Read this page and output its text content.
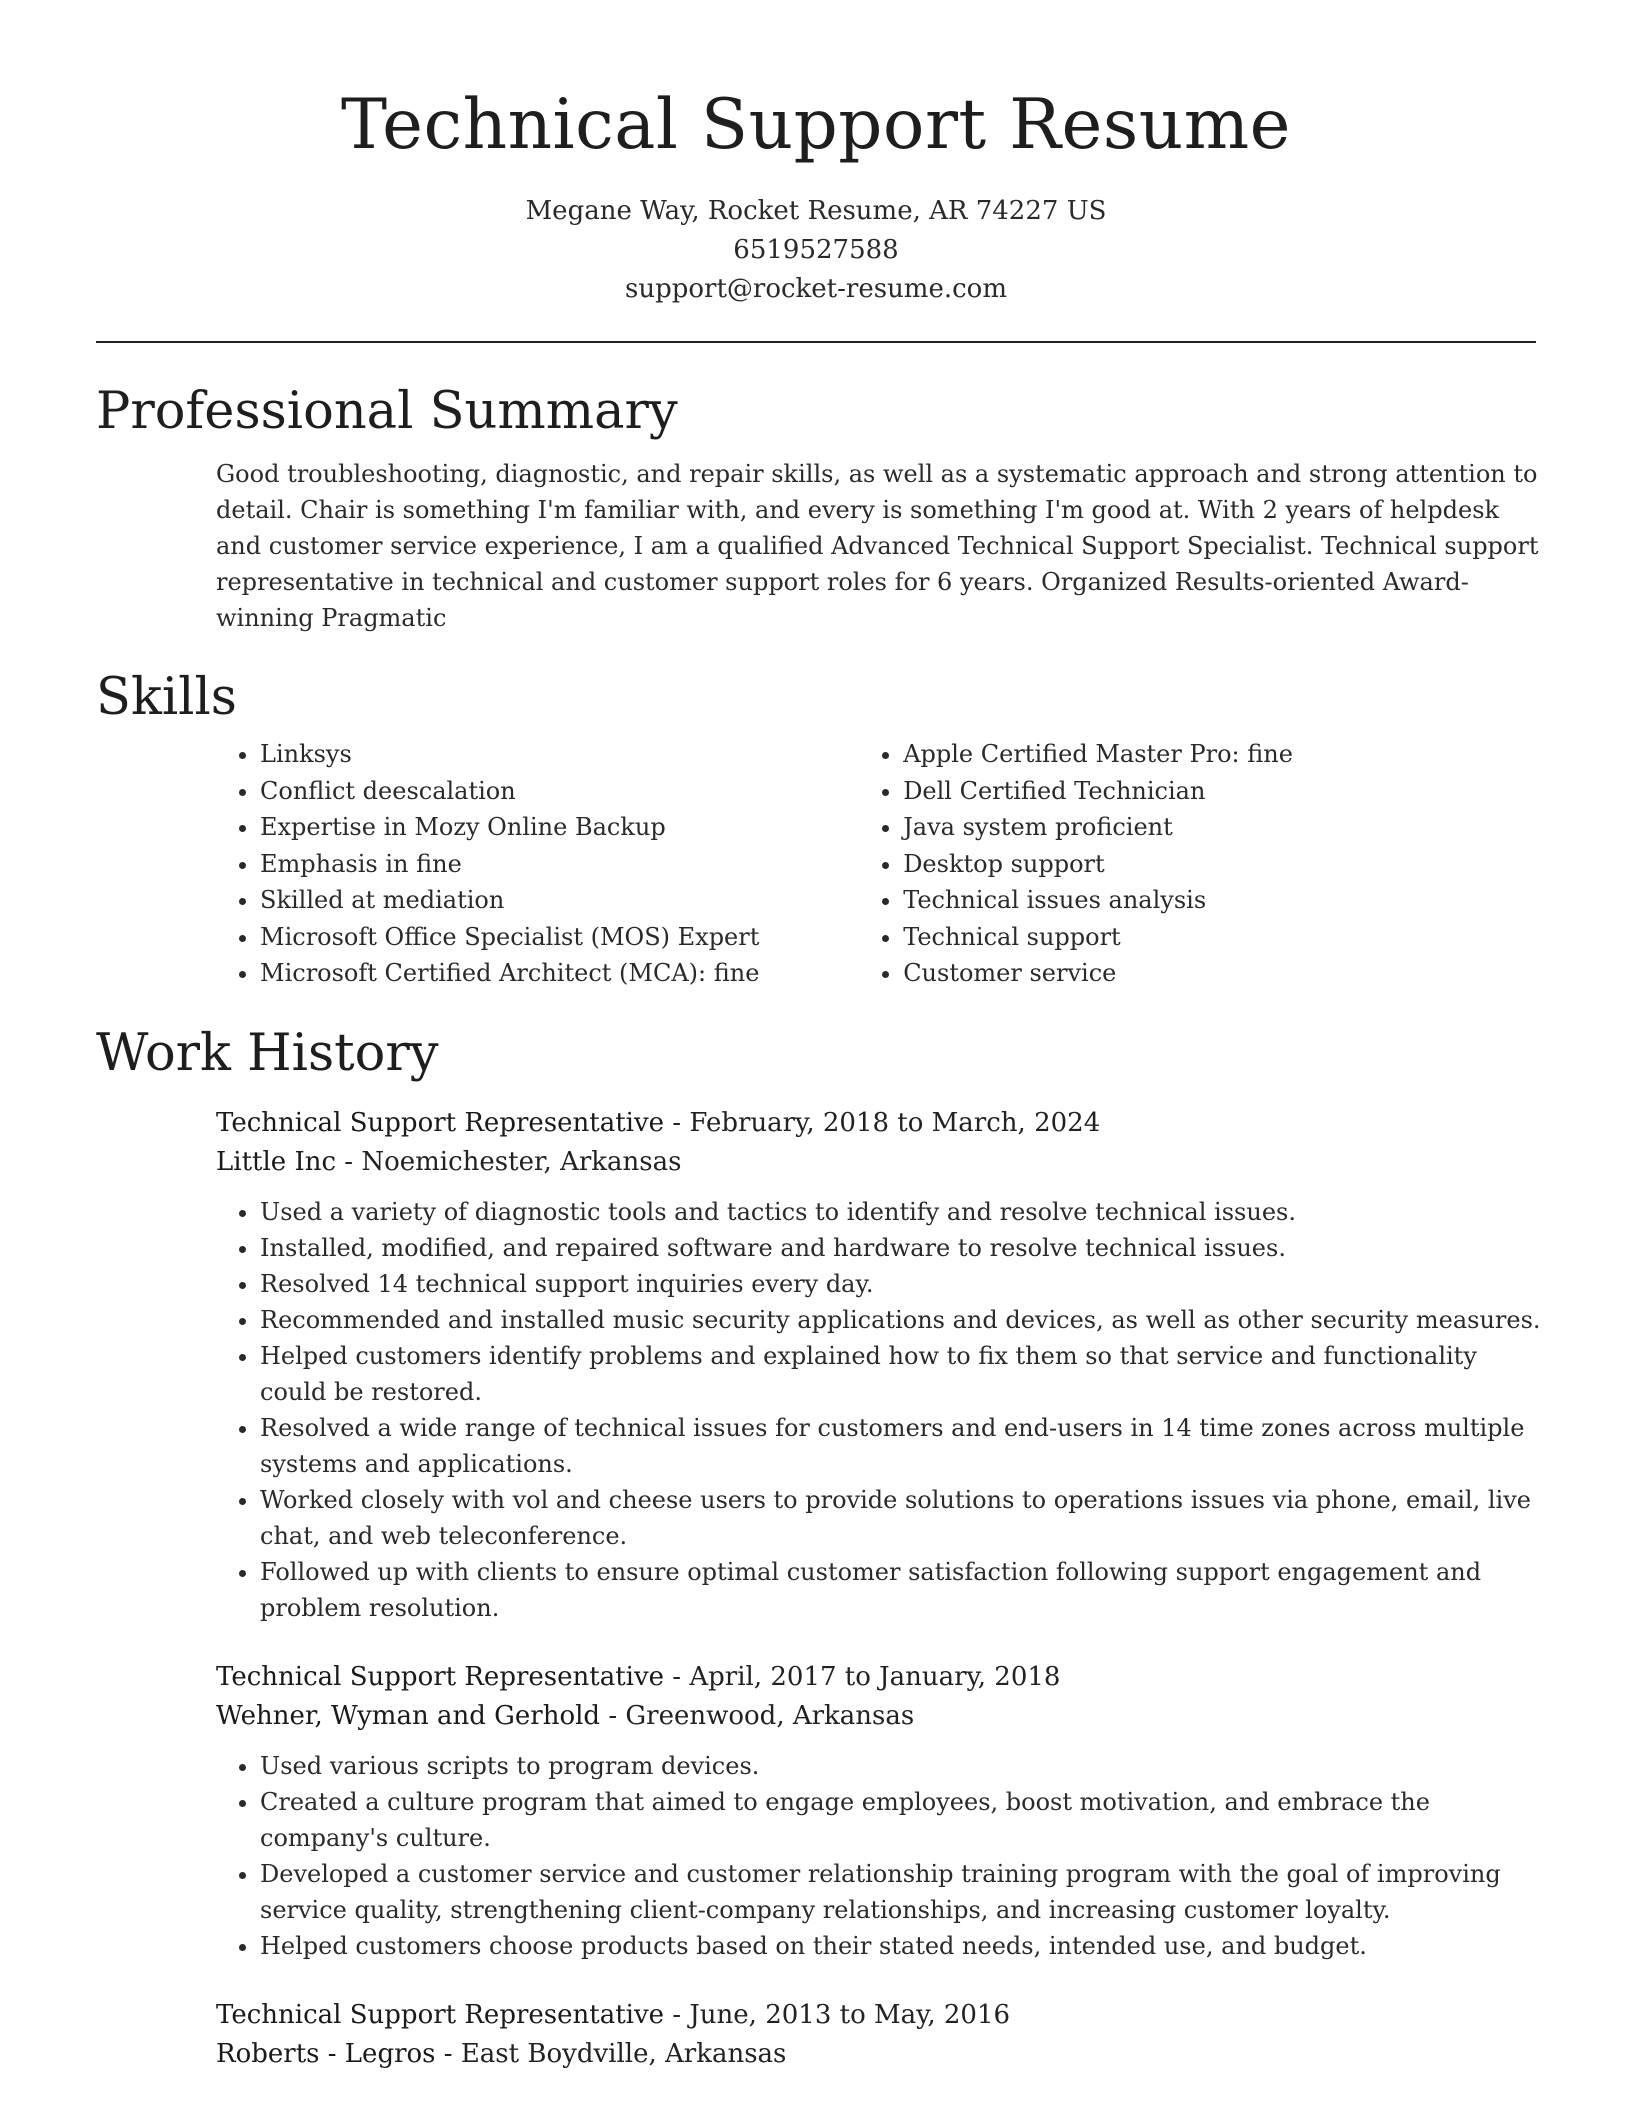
Technical Support Resume
Megane Way, Rocket Resume, AR 74227 US
6519527588
support@rocket-resume.com
Professional Summary

Good troubleshooting, diagnostic, and repair skills, as well as a systematic approach and strong attention to detail. Chair is something I'm familiar with, and every is something I'm good at. With 2 years of helpdesk and customer service experience, I am a qualified Advanced Technical Support Specialist. Technical support representative in technical and customer support roles for 6 years. Organized Results-oriented Award-winning Pragmatic

Skills
• Linksys
• Conflict deescalation
• Expertise in Mozy Online Backup
• Emphasis in fine
• Skilled at mediation
• Microsoft Office Specialist (MOS) Expert
• Microsoft Certified Architect (MCA): fine
• Apple Certified Master Pro: fine
• Dell Certified Technician
• Java system proficient
• Desktop support
• Technical issues analysis
• Technical support
• Customer service
Work History
Technical Support Representative - February, 2018 to March, 2024
Little Inc - Noemichester, Arkansas
• Used a variety of diagnostic tools and tactics to identify and resolve technical issues.
• Installed, modified, and repaired software and hardware to resolve technical issues.
• Resolved 14 technical support inquiries every day.
• Recommended and installed music security applications and devices, as well as other security measures.
• Helped customers identify problems and explained how to fix them so that service and functionality could be restored.
• Resolved a wide range of technical issues for customers and end-users in 14 time zones across multiple systems and applications.
• Worked closely with vol and cheese users to provide solutions to operations issues via phone, email, live chat, and web teleconference.
• Followed up with clients to ensure optimal customer satisfaction following support engagement and problem resolution.
Technical Support Representative - April, 2017 to January, 2018
Wehner, Wyman and Gerhold - Greenwood, Arkansas
• Used various scripts to program devices.
• Created a culture program that aimed to engage employees, boost motivation, and embrace the company's culture.
• Developed a customer service and customer relationship training program with the goal of improving service quality, strengthening client-company relationships, and increasing customer loyalty.
• Helped customers choose products based on their stated needs, intended use, and budget.
Technical Support Representative - June, 2013 to May, 2016
Roberts - Legros - East Boydville, Arkansas
